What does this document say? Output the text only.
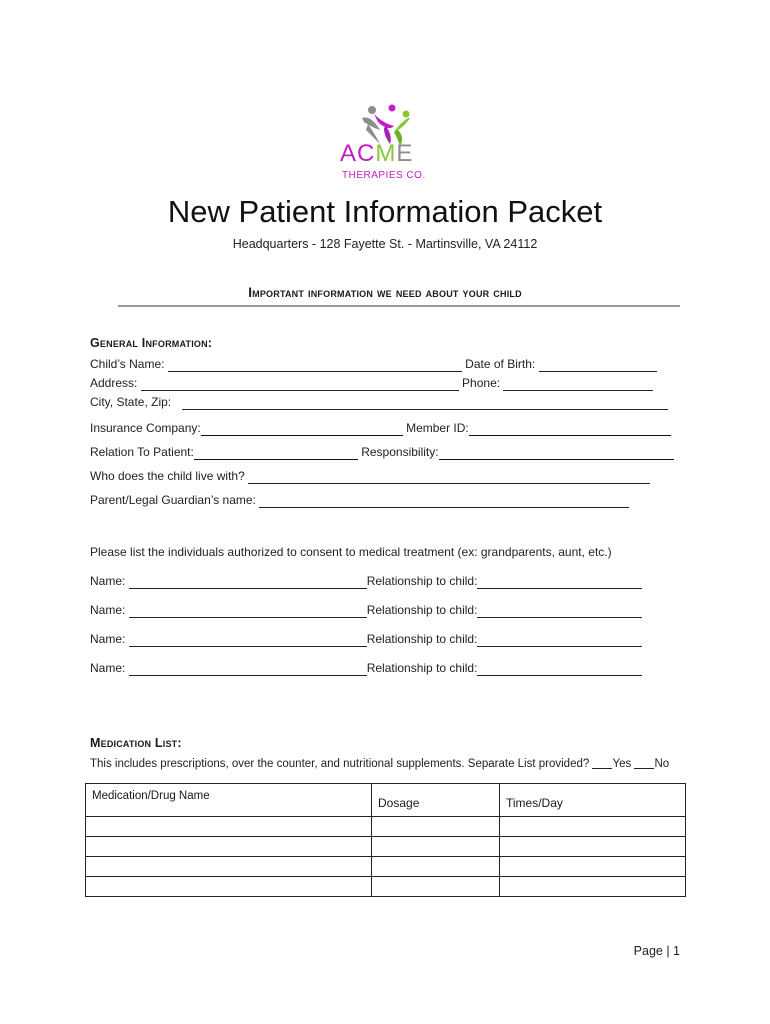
ACME
THERAPIES CO.
New Patient Information Packet
Headquarters - 128 Fayette St. - Martinsville, VA 24112
Important information we need about your child
General Information:
Child’s Name:	Date of Birth:
Address:	Phone:
City, State, Zip:
Insurance Company:	Member ID:
Relation To Patient:	Responsibility:
Who does the child live with?
Parent/Legal Guardian’s name:
Please list the individuals authorized to consent to medical treatment (ex: grandparents, aunt, etc.)
Name:	Relationship to child:
Name:	Relationship to child:
Name:	Relationship to child:
Name:	Relationship to child:
Medication List:
This includes prescriptions, over the counter, and nutritional supplements. Separate List provided? Yes No
Medication/Drug Name	Dosage	Times/Day

Page | 1
